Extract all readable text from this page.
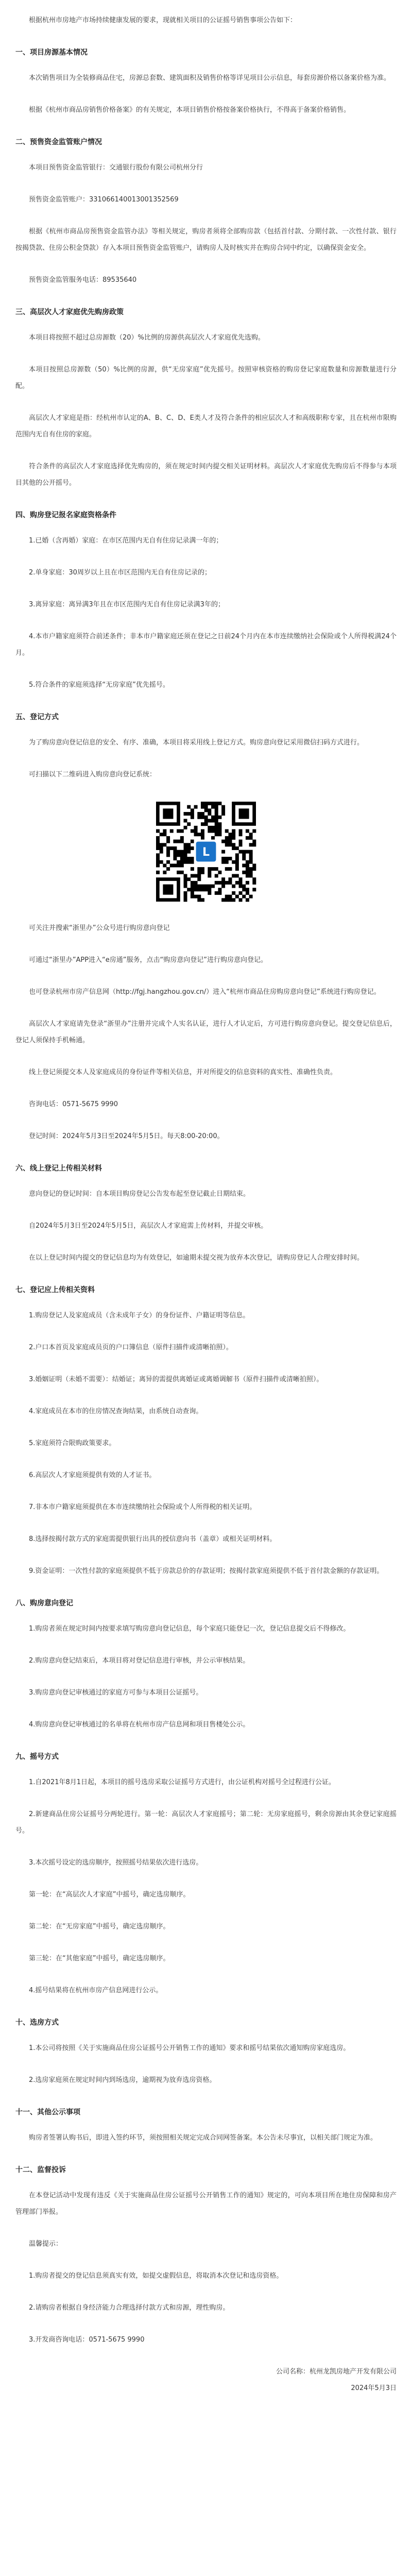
根据杭州市房地产市场持续健康发展的要求，现就相关项目的公证摇号销售事项公告如下：

一、项目房源基本情况

本次销售项目为全装修商品住宅，房源总套数、建筑面积及销售价格等详见项目公示信息，每套房源价格以备案价格为准。

根据《杭州市商品房销售价格备案》的有关规定，本项目销售价格按备案价格执行，不得高于备案价格销售。

二、预售资金监管账户情况

本项目预售资金监管银行：交通银行股份有限公司杭州分行

预售资金监管账户：331066140013001352569

根据《杭州市商品房预售资金监管办法》等相关规定，购房者须将全部购房款（包括首付款、分期付款、一次性付款、银行按揭贷款、住房公积金贷款）存入本项目预售资金监管账户，请购房人及时核实并在购房合同中约定，以确保资金安全。

预售资金监管服务电话：89535640

三、高层次人才家庭优先购房政策

本项目将按照不超过总房源数（20）%比例的房源供高层次人才家庭优先选购。

本项目按照总房源数（50）%比例的房源，供“无房家庭”优先摇号。按照审核资格的购房登记家庭数量和房源数量进行分配。

高层次人才家庭是指：经杭州市认定的A、B、C、D、E类人才及符合条件的相应层次人才和高级职称专家，且在杭州市限购范围内无自有住房的家庭。

符合条件的高层次人才家庭选择优先购房的，须在规定时间内提交相关证明材料。高层次人才家庭优先购房后不得参与本项目其他的公开摇号。

四、购房登记报名家庭资格条件

1.已婚（含再婚）家庭：在市区范围内无自有住房记录满一年的；

2.单身家庭：30周岁以上且在市区范围内无自有住房记录的；

3.离异家庭：离异满3年且在市区范围内无自有住房记录满3年的；

4.本市户籍家庭须符合前述条件；非本市户籍家庭还须在登记之日前24个月内在本市连续缴纳社会保险或个人所得税满24个月。

5.符合条件的家庭须选择“无房家庭”优先摇号。

五、登记方式

为了购房意向登记信息的安全、有序、准确，本项目将采用线上登记方式。购房意向登记采用微信扫码方式进行。

可扫描以下二维码进入购房意向登记系统：

L

可关注并搜索“浙里办”公众号进行购房意向登记

可通过“浙里办”APP进入“e房通”服务，点击“购房意向登记”进行购房意向登记。

也可登录杭州市房产信息网（http://fgj.hangzhou.gov.cn/）进入“杭州市商品住房购房意向登记”系统进行购房登记。

高层次人才家庭请先登录“浙里办”注册并完成个人实名认证，进行人才认定后，方可进行购房意向登记。提交登记信息后，登记人须保持手机畅通。

线上登记须提交本人及家庭成员的身份证件等相关信息，并对所提交的信息资料的真实性、准确性负责。

咨询电话：0571-5675 9990

登记时间：2024年5月3日至2024年5月5日。每天8:00-20:00。

六、线上登记上传相关材料

意向登记的登记时间：自本项目购房登记公告发布起至登记截止日期结束。

自2024年5月3日至2024年5月5日，高层次人才家庭需上传材料，并提交审核。

在以上登记时间内提交的登记信息均为有效登记，如逾期未提交视为放弃本次登记，请购房登记人合理安排时间。

七、登记应上传相关资料

1.购房登记人及家庭成员（含未成年子女）的身份证件、户籍证明等信息。

2.户口本首页及家庭成员页的户口簿信息（原件扫描件或清晰拍照）。

3.婚姻证明（未婚不需要）：结婚证；离异的需提供离婚证或离婚调解书（原件扫描件或清晰拍照）。

4.家庭成员在本市的住房情况查询结果，由系统自动查询。

5.家庭须符合限购政策要求。

6.高层次人才家庭须提供有效的人才证书。

7.非本市户籍家庭须提供在本市连续缴纳社会保险或个人所得税的相关证明。

8.选择按揭付款方式的家庭需提供银行出具的授信意向书（盖章）或相关证明材料。

9.资金证明：一次性付款的家庭须提供不低于房款总价的存款证明；按揭付款家庭须提供不低于首付款金额的存款证明。

八、购房意向登记

1.购房者须在规定时间内按要求填写购房意向登记信息，每个家庭只能登记一次，登记信息提交后不得修改。

2.购房意向登记结束后，本项目将对登记信息进行审核，并公示审核结果。

3.购房意向登记审核通过的家庭方可参与本项目公证摇号。

4.购房意向登记审核通过的名单将在杭州市房产信息网和项目售楼处公示。

九、摇号方式

1.自2021年8月1日起，本项目的摇号选房采取公证摇号方式进行，由公证机构对摇号全过程进行公证。

2.新建商品住房公证摇号分两轮进行。第一轮：高层次人才家庭摇号；第二轮：无房家庭摇号，剩余房源由其余登记家庭摇号。

3.本次摇号设定的选房顺序，按照摇号结果依次进行选房。

第一轮：在“高层次人才家庭”中摇号，确定选房顺序。

第二轮：在“无房家庭”中摇号，确定选房顺序。

第三轮：在“其他家庭”中摇号，确定选房顺序。

4.摇号结果将在杭州市房产信息网进行公示。

十、选房方式

1.本公司将按照《关于实施商品住房公证摇号公开销售工作的通知》要求和摇号结果依次通知购房家庭选房。

2.选房家庭须在规定时间内到场选房，逾期视为放弃选房资格。

十一、其他公示事项

购房者签署认购书后，即进入签约环节，须按照相关规定完成合同网签备案。本公告未尽事宜，以相关部门规定为准。

十二、监督投诉

在本登记活动中发现有违反《关于实施商品住房公证摇号公开销售工作的通知》规定的，可向本项目所在地住房保障和房产管理部门举报。

温馨提示：

1.购房者提交的登记信息须真实有效，如提交虚假信息，将取消本次登记和选房资格。

2.请购房者根据自身经济能力合理选择付款方式和房源，理性购房。

3.开发商咨询电话：0571-5675 9990

公司名称：杭州龙凯房地产开发有限公司

2024年5月3日
